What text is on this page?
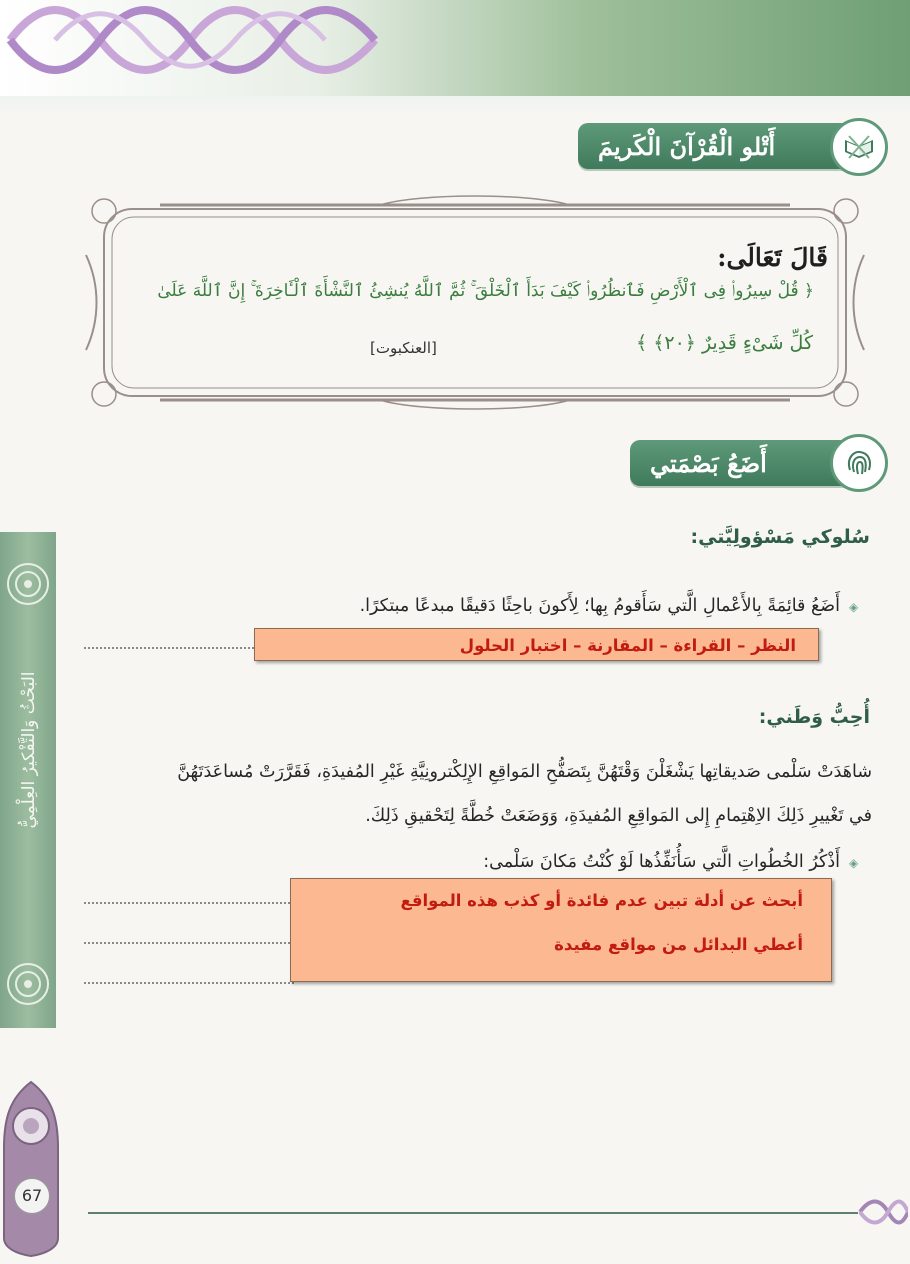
أَتْلو الْقُرْآنَ الْكَريمَ
قَالَ تَعَالَى:
﴿ قُلْ سِيرُوا۟ فِى ٱلْأَرْضِ فَٱنظُرُوا۟ كَيْفَ بَدَأَ ٱلْخَلْقَ ۚ ثُمَّ ٱللَّهُ يُنشِئُ ٱلنَّشْأَةَ ٱلْـَٔاخِرَةَ ۚ إِنَّ ٱللَّهَ عَلَىٰ
كُلِّ شَىْءٍ قَدِيرٌ ﴿٢٠﴾ ﴾
[العنكبوت]
أَضَعُ بَصْمَتي
سُلوكي مَسْؤولِيَّتي:
◈
أَضَعُ قائِمَةً بِالأَعْمالِ الَّتي سَأَقومُ بِها؛ لِأَكونَ باحِثًا دَقيقًا مبدعًا مبتكرًا.
النظر – القراءة – المقارنة – اختبار الحلول
أُحِبُّ وَطَني:
شاهَدَتْ سَلْمى صَديقاتِها يَشْغَلْنَ وَقْتَهُنَّ بِتَصَفُّحِ المَواقِعِ الإِلِكْترونِيَّةِ غَيْرِ المُفيدَةِ، فَقَرَّرَتْ مُساعَدَتَهُنَّ
في تَغْييرِ ذَلِكَ الاِهْتِمامِ إِلى المَواقِعِ المُفيدَةِ، وَوَضَعَتْ خُطَّةً لِتَحْقيقِ ذَلِكَ.
◈
أَذْكُرُ الخُطُواتِ الَّتي سَأُنَفِّذُها لَوْ كُنْتُ مَكانَ سَلْمى:
أبحث عن أدلة تبين عدم فائدة أو كذب هذه المواقع
أعطي البدائل من مواقع مفيدة
البَحْثُ وَالتَّفْكيرُ العِلْمِيُّ
67
